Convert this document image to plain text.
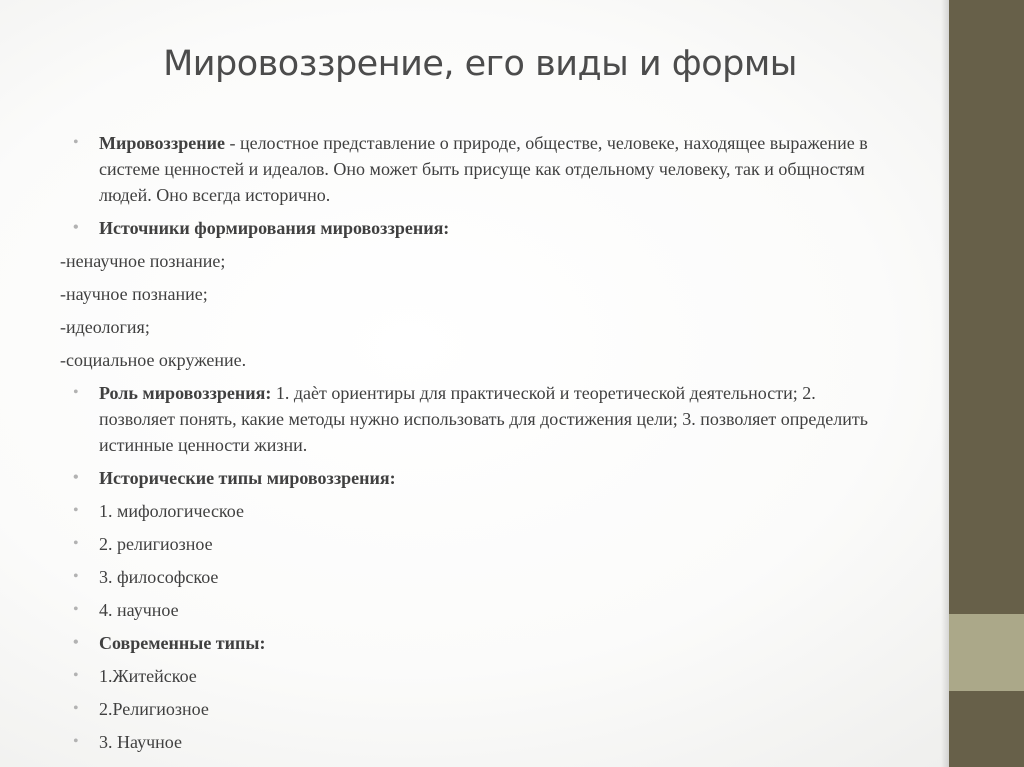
Мировоззрение, его виды и формы
• Мировоззрение - целостное представление о природе, обществе, человеке, находящее выражение в системе ценностей и идеалов. Оно может быть присуще как отдельному человеку, так и общностям людей. Оно всегда исторично.
• Источники формирования мировоззрения:
-ненаучное познание;
-научное познание;
-идеология;
-социальное окружение.
• Роль мировоззрения: 1. даѐт ориентиры для практической и теоретической деятельности; 2. позволяет понять, какие методы нужно использовать для достижения цели; 3. позволяет определить истинные ценности жизни.
• Исторические типы мировоззрения:
• 1. мифологическое
• 2. религиозное
• 3. философское
• 4. научное
• Современные типы:
• 1.Житейское
• 2.Религиозное
• 3. Научное
